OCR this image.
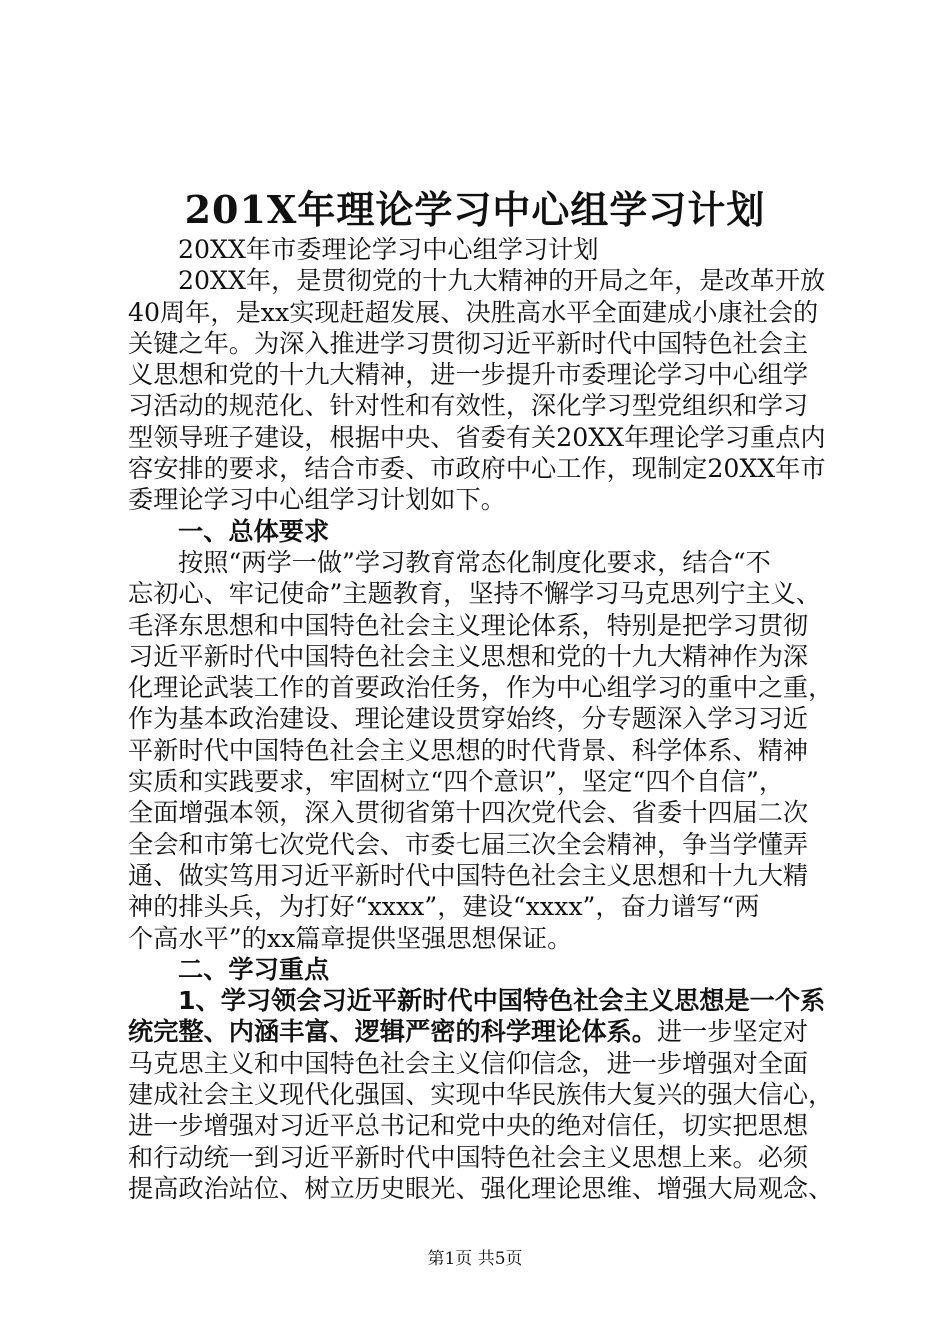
201X年理论学习中心组学习计划
20XX年市委理论学习中心组学习计划
20XX年，是贯彻党的十九大精神的开局之年，是改革开放
40周年，是xx实现赶超发展、决胜高水平全面建成小康社会的
关键之年。为深入推进学习贯彻习近平新时代中国特色社会主
义思想和党的十九大精神，进一步提升市委理论学习中心组学
习活动的规范化、针对性和有效性，深化学习型党组织和学习
型领导班子建设，根据中央、省委有关20XX年理论学习重点内
容安排的要求，结合市委、市政府中心工作，现制定20XX年市
委理论学习中心组学习计划如下。
一、总体要求
按照“两学一做”学习教育常态化制度化要求，结合“不
忘初心、牢记使命”主题教育，坚持不懈学习马克思列宁主义、
毛泽东思想和中国特色社会主义理论体系，特别是把学习贯彻
习近平新时代中国特色社会主义思想和党的十九大精神作为深
化理论武装工作的首要政治任务，作为中心组学习的重中之重，
作为基本政治建设、理论建设贯穿始终，分专题深入学习习近
平新时代中国特色社会主义思想的时代背景、科学体系、精神
实质和实践要求，牢固树立“四个意识”，坚定“四个自信”，
全面增强本领，深入贯彻省第十四次党代会、省委十四届二次
全会和市第七次党代会、市委七届三次全会精神，争当学懂弄
通、做实笃用习近平新时代中国特色社会主义思想和十九大精
神的排头兵，为打好“xxxx”，建设“xxxx”，奋力谱写“两
个高水平”的xx篇章提供坚强思想保证。
二、学习重点
1、学习领会习近平新时代中国特色社会主义思想是一个系
统完整、内涵丰富、逻辑严密的科学理论体系。进一步坚定对
马克思主义和中国特色社会主义信仰信念，进一步增强对全面
建成社会主义现代化强国、实现中华民族伟大复兴的强大信心，
进一步增强对习近平总书记和党中央的绝对信任，切实把思想
和行动统一到习近平新时代中国特色社会主义思想上来。必须
提高政治站位、树立历史眼光、强化理论思维、增强大局观念、
第1页 共5页
